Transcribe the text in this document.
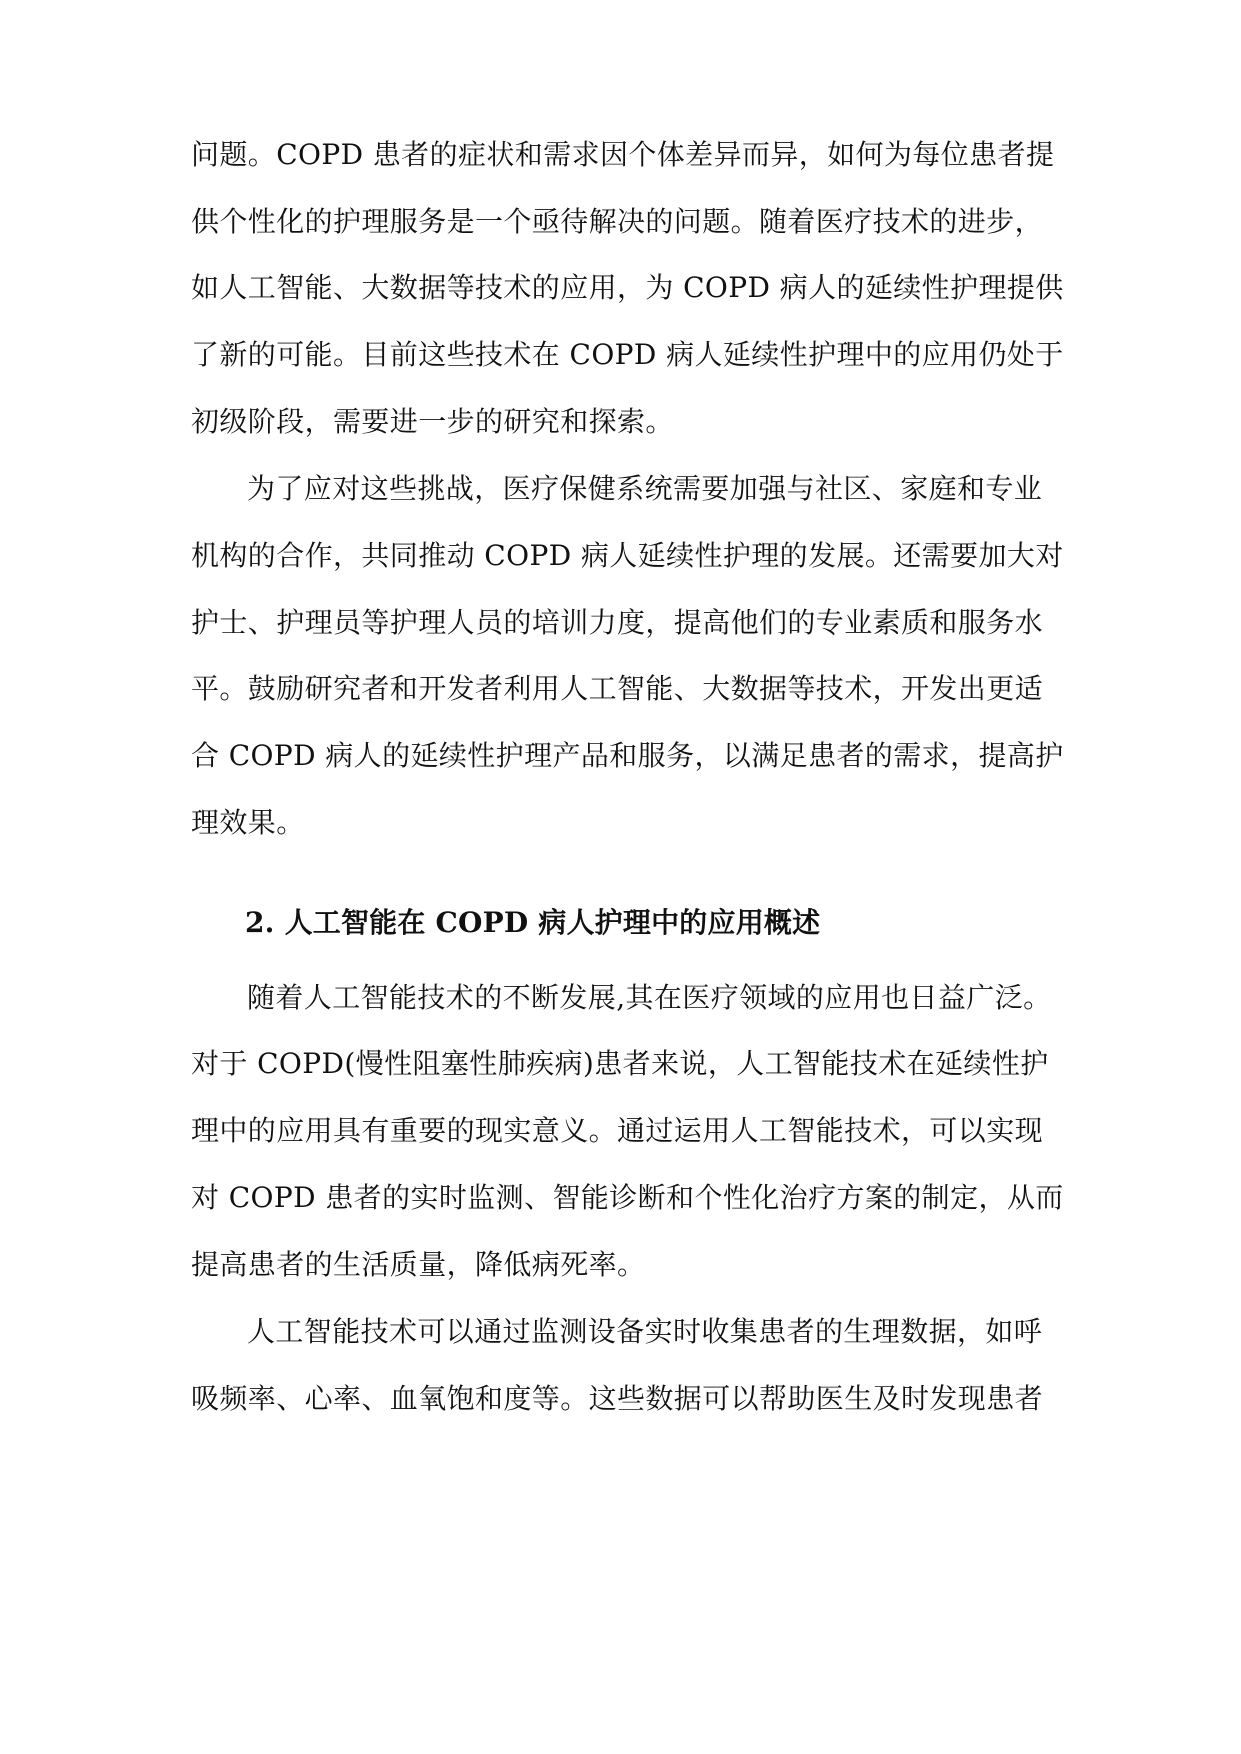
问题。COPD 患者的症状和需求因个体差异而异，如何为每位患者提
供个性化的护理服务是一个亟待解决的问题。随着医疗技术的进步，
如人工智能、大数据等技术的应用，为 COPD 病人的延续性护理提供
了新的可能。目前这些技术在 COPD 病人延续性护理中的应用仍处于
初级阶段，需要进一步的研究和探索。
为了应对这些挑战，医疗保健系统需要加强与社区、家庭和专业
机构的合作，共同推动 COPD 病人延续性护理的发展。还需要加大对
护士、护理员等护理人员的培训力度，提高他们的专业素质和服务水
平。鼓励研究者和开发者利用人工智能、大数据等技术，开发出更适
合 COPD 病人的延续性护理产品和服务，以满足患者的需求，提高护
理效果。
2. 人工智能在 COPD 病人护理中的应用概述
随着人工智能技术的不断发展,其在医疗领域的应用也日益广泛。
对于 COPD(慢性阻塞性肺疾病)患者来说，人工智能技术在延续性护
理中的应用具有重要的现实意义。通过运用人工智能技术，可以实现
对 COPD 患者的实时监测、智能诊断和个性化治疗方案的制定，从而
提高患者的生活质量，降低病死率。
人工智能技术可以通过监测设备实时收集患者的生理数据，如呼
吸频率、心率、血氧饱和度等。这些数据可以帮助医生及时发现患者
